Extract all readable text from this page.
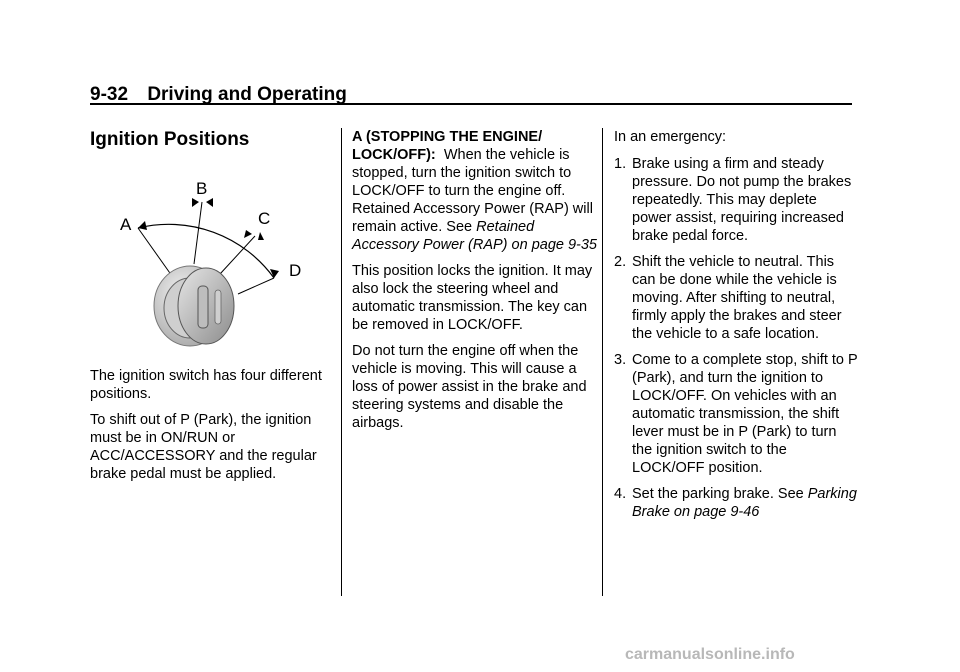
9-32 Driving and Operating
Ignition Positions
A
B
C
D

The ignition switch has four different positions.

To shift out of P (Park), the ignition must be in ON/RUN or ACC/ACCESSORY and the regular brake pedal must be applied.

A (STOPPING THE ENGINE/ LOCK/OFF): When the vehicle is stopped, turn the ignition switch to LOCK/OFF to turn the engine off. Retained Accessory Power (RAP) will remain active. See Retained Accessory Power (RAP) on page 9‑35

This position locks the ignition. It may also lock the steering wheel and automatic transmission. The key can be removed in LOCK/OFF.

Do not turn the engine off when the vehicle is moving. This will cause a loss of power assist in the brake and steering systems and disable the airbags.

In an emergency:

1. Brake using a firm and steady pressure. Do not pump the brakes repeatedly. This may deplete power assist, requiring increased brake pedal force.
2. Shift the vehicle to neutral. This can be done while the vehicle is moving. After shifting to neutral, firmly apply the brakes and steer the vehicle to a safe location.
3. Come to a complete stop, shift to P (Park), and turn the ignition to LOCK/OFF. On vehicles with an automatic transmission, the shift lever must be in P (Park) to turn the ignition switch to the LOCK/OFF position.
4. Set the parking brake. See Parking Brake on page 9‑46
carmanualsonline.info
